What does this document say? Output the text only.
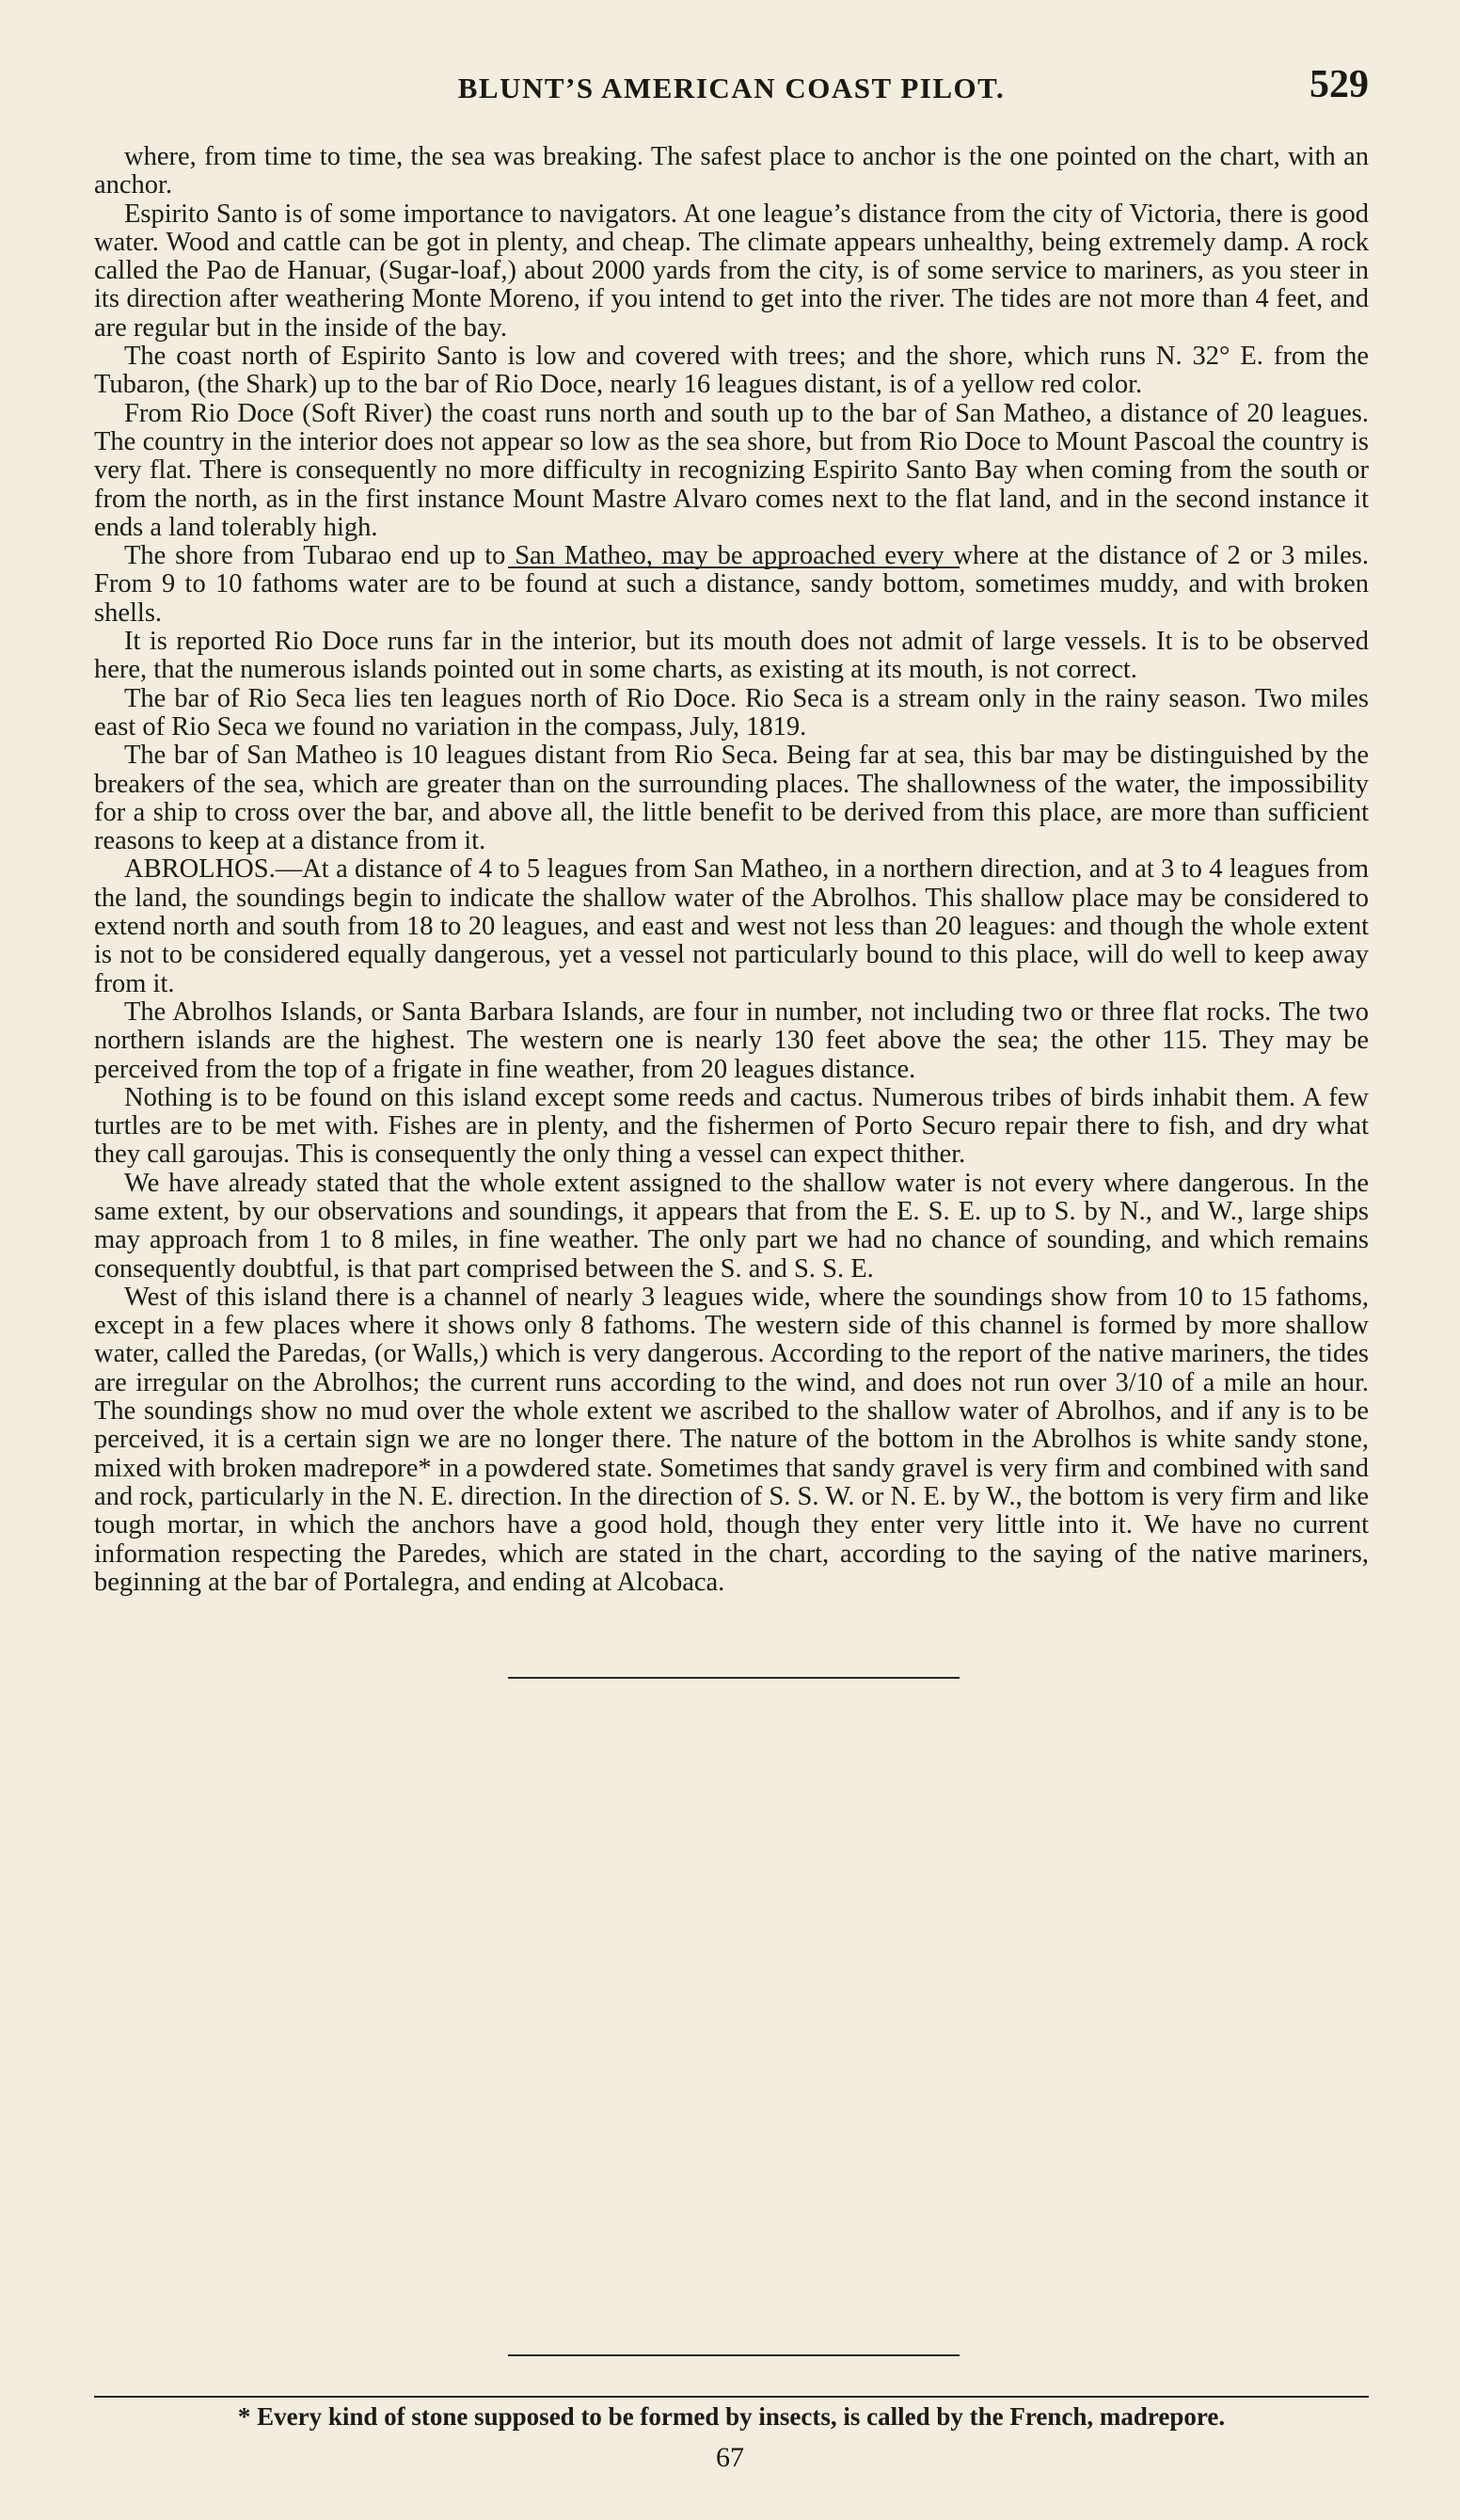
BLUNT’S AMERICAN COAST PILOT.	529

where, from time to time, the sea was breaking. The safest place to anchor is the one pointed on the chart, with an anchor.

Espirito Santo is of some importance to navigators. At one league’s distance from the city of Victoria, there is good water. Wood and cattle can be got in plenty, and cheap. The climate appears unhealthy, being extremely damp. A rock called the Pao de Hanuar, (Sugar-loaf,) about 2000 yards from the city, is of some service to mariners, as you steer in its direction after weathering Monte Moreno, if you intend to get into the river. The tides are not more than 4 feet, and are regular but in the inside of the bay.

The coast north of Espirito Santo is low and covered with trees; and the shore, which runs N. 32° E. from the Tubaron, (the Shark) up to the bar of Rio Doce, nearly 16 leagues distant, is of a yellow red color.

From Rio Doce (Soft River) the coast runs north and south up to the bar of San Matheo, a distance of 20 leagues. The country in the interior does not appear so low as the sea shore, but from Rio Doce to Mount Pascoal the country is very flat. There is consequently no more difficulty in recognizing Espirito Santo Bay when coming from the south or from the north, as in the first instance Mount Mastre Alvaro comes next to the flat land, and in the second instance it ends a land tolerably high.

The shore from Tubarao end up to San Matheo, may be approached every where at the distance of 2 or 3 miles. From 9 to 10 fathoms water are to be found at such a distance, sandy bottom, sometimes muddy, and with broken shells.

It is reported Rio Doce runs far in the interior, but its mouth does not admit of large vessels. It is to be observed here, that the numerous islands pointed out in some charts, as existing at its mouth, is not correct.

The bar of Rio Seca lies ten leagues north of Rio Doce. Rio Seca is a stream only in the rainy season. Two miles east of Rio Seca we found no variation in the compass, July, 1819.

The bar of San Matheo is 10 leagues distant from Rio Seca. Being far at sea, this bar may be distinguished by the breakers of the sea, which are greater than on the surrounding places. The shallowness of the water, the impossibility for a ship to cross over the bar, and above all, the little benefit to be derived from this place, are more than sufficient reasons to keep at a distance from it.

ABROLHOS.—At a distance of 4 to 5 leagues from San Matheo, in a northern direction, and at 3 to 4 leagues from the land, the soundings begin to indicate the shallow water of the Abrolhos. This shallow place may be considered to extend north and south from 18 to 20 leagues, and east and west not less than 20 leagues: and though the whole extent is not to be considered equally dangerous, yet a vessel not particularly bound to this place, will do well to keep away from it.

The Abrolhos Islands, or Santa Barbara Islands, are four in number, not including two or three flat rocks. The two northern islands are the highest. The western one is nearly 130 feet above the sea; the other 115. They may be perceived from the top of a frigate in fine weather, from 20 leagues distance.

Nothing is to be found on this island except some reeds and cactus. Numerous tribes of birds inhabit them. A few turtles are to be met with. Fishes are in plenty, and the fishermen of Porto Securo repair there to fish, and dry what they call garoujas. This is consequently the only thing a vessel can expect thither.

We have already stated that the whole extent assigned to the shallow water is not every where dangerous. In the same extent, by our observations and soundings, it appears that from the E. S. E. up to S. by N., and W., large ships may approach from 1 to 8 miles, in fine weather. The only part we had no chance of sounding, and which remains consequently doubtful, is that part comprised between the S. and S. S. E.

West of this island there is a channel of nearly 3 leagues wide, where the soundings show from 10 to 15 fathoms, except in a few places where it shows only 8 fathoms. The western side of this channel is formed by more shallow water, called the Paredas, (or Walls,) which is very dangerous. According to the report of the native mariners, the tides are irregular on the Abrolhos; the current runs according to the wind, and does not run over 3/10 of a mile an hour. The soundings show no mud over the whole extent we ascribed to the shallow water of Abrolhos, and if any is to be perceived, it is a certain sign we are no longer there. The nature of the bottom in the Abrolhos is white sandy stone, mixed with broken madrepore* in a powdered state. Sometimes that sandy gravel is very firm and combined with sand and rock, particularly in the N. E. direction. In the direction of S. S. W. or N. E. by W., the bottom is very firm and like tough mortar, in which the anchors have a good hold, though they enter very little into it. We have no current information respecting the Paredes, which are stated in the chart, according to the saying of the native mariners, beginning at the bar of Portalegra, and ending at Alcobaca.

* Every kind of stone supposed to be formed by insects, is called by the French, madrepore.
67
